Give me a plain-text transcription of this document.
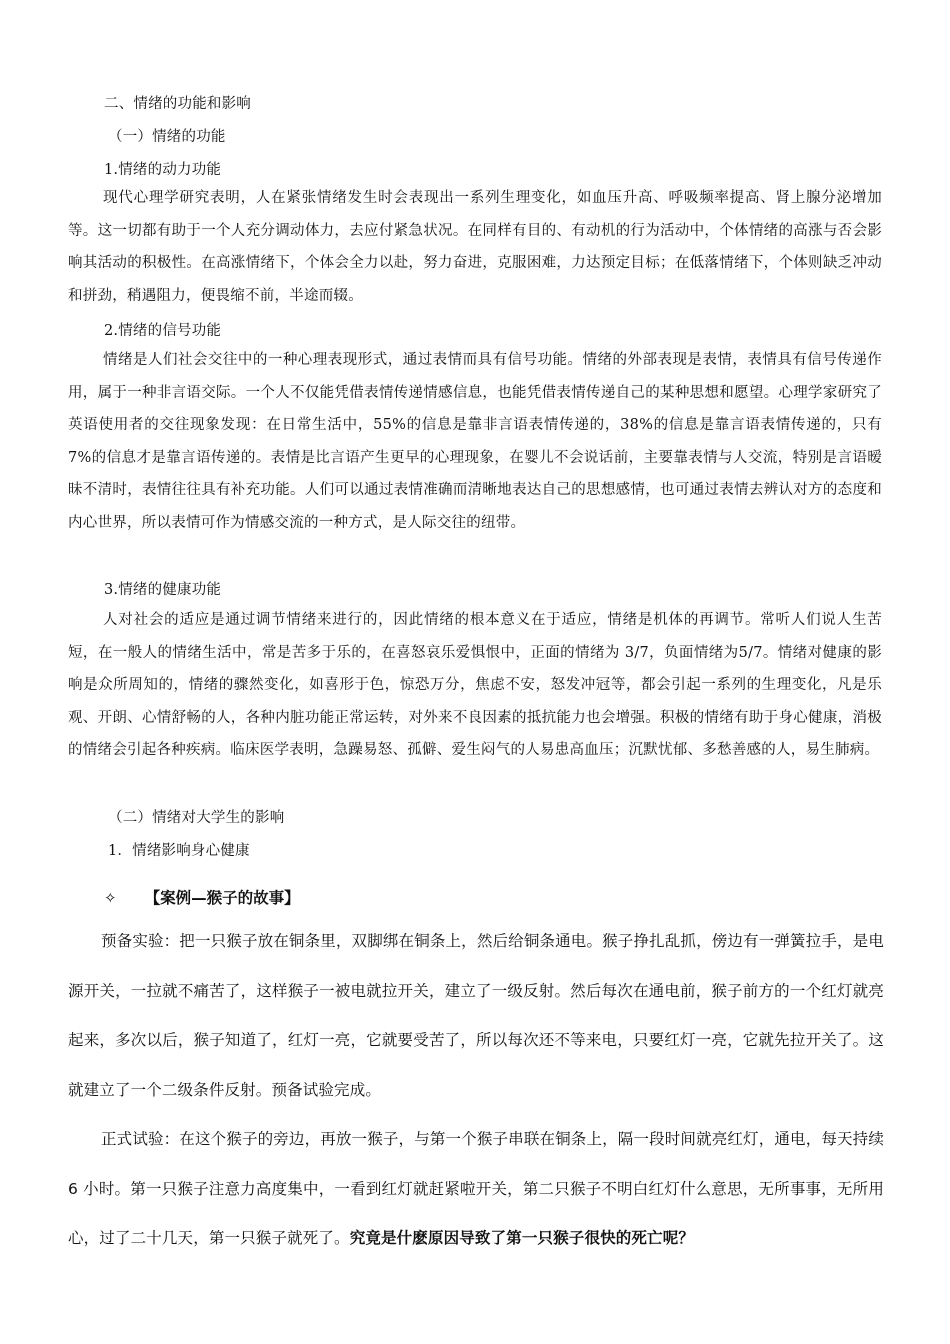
二、情绪的功能和影响
（一）情绪的功能
1.情绪的动力功能

现代心理学研究表明，人在紧张情绪发生时会表现出一系列生理变化，如血压升高、呼吸频率提高、肾上腺分泌增加等。这一切都有助于一个人充分调动体力，去应付紧急状况。在同样有目的、有动机的行为活动中，个体情绪的高涨与否会影响其活动的积极性。在高涨情绪下，个体会全力以赴，努力奋进，克服困难，力达预定目标；在低落情绪下，个体则缺乏冲动和拼劲，稍遇阻力，便畏缩不前，半途而辍。

2.情绪的信号功能

情绪是人们社会交往中的一种心理表现形式，通过表情而具有信号功能。情绪的外部表现是表情，表情具有信号传递作用，属于一种非言语交际。一个人不仅能凭借表情传递情感信息，也能凭借表情传递自己的某种思想和愿望。心理学家研究了英语使用者的交往现象发现：在日常生活中，55%的信息是靠非言语表情传递的，38%的信息是靠言语表情传递的，只有 7%的信息才是靠言语传递的。表情是比言语产生更早的心理现象，在婴儿不会说话前，主要靠表情与人交流，特别是言语暧昧不清时，表情往往具有补充功能。人们可以通过表情准确而清晰地表达自己的思想感情，也可通过表情去辨认对方的态度和内心世界，所以表情可作为情感交流的一种方式，是人际交往的纽带。

3.情绪的健康功能

人对社会的适应是通过调节情绪来进行的，因此情绪的根本意义在于适应，情绪是机体的再调节。常听人们说人生苦短，在一般人的情绪生活中，常是苦多于乐的，在喜怒哀乐爱惧恨中，正面的情绪为 3/7，负面情绪为5/7。情绪对健康的影响是众所周知的，情绪的骤然变化，如喜形于色，惊恐万分，焦虑不安，怒发冲冠等，都会引起一系列的生理变化，凡是乐观、开朗、心情舒畅的人，各种内脏功能正常运转，对外来不良因素的抵抗能力也会增强。积极的情绪有助于身心健康，消极的情绪会引起各种疾病。临床医学表明，急躁易怒、孤僻、爱生闷气的人易患高血压；沉默忧郁、多愁善感的人，易生肺病。

（二）情绪对大学生的影响
1．情绪影响身心健康
✧ 【案例—猴子的故事】

预备实验：把一只猴子放在铜条里，双脚绑在铜条上，然后给铜条通电。猴子挣扎乱抓，傍边有一弹簧拉手，是电源开关，一拉就不痛苦了，这样猴子一被电就拉开关，建立了一级反射。然后每次在通电前，猴子前方的一个红灯就亮起来，多次以后，猴子知道了，红灯一亮，它就要受苦了，所以每次还不等来电，只要红灯一亮，它就先拉开关了。这就建立了一个二级条件反射。预备试验完成。

正式试验：在这个猴子的旁边，再放一猴子，与第一个猴子串联在铜条上，隔一段时间就亮红灯，通电，每天持续 6 小时。第一只猴子注意力高度集中，一看到红灯就赶紧啦开关，第二只猴子不明白红灯什么意思，无所事事，无所用心，过了二十几天，第一只猴子就死了。究竟是什麽原因导致了第一只猴子很快的死亡呢？
